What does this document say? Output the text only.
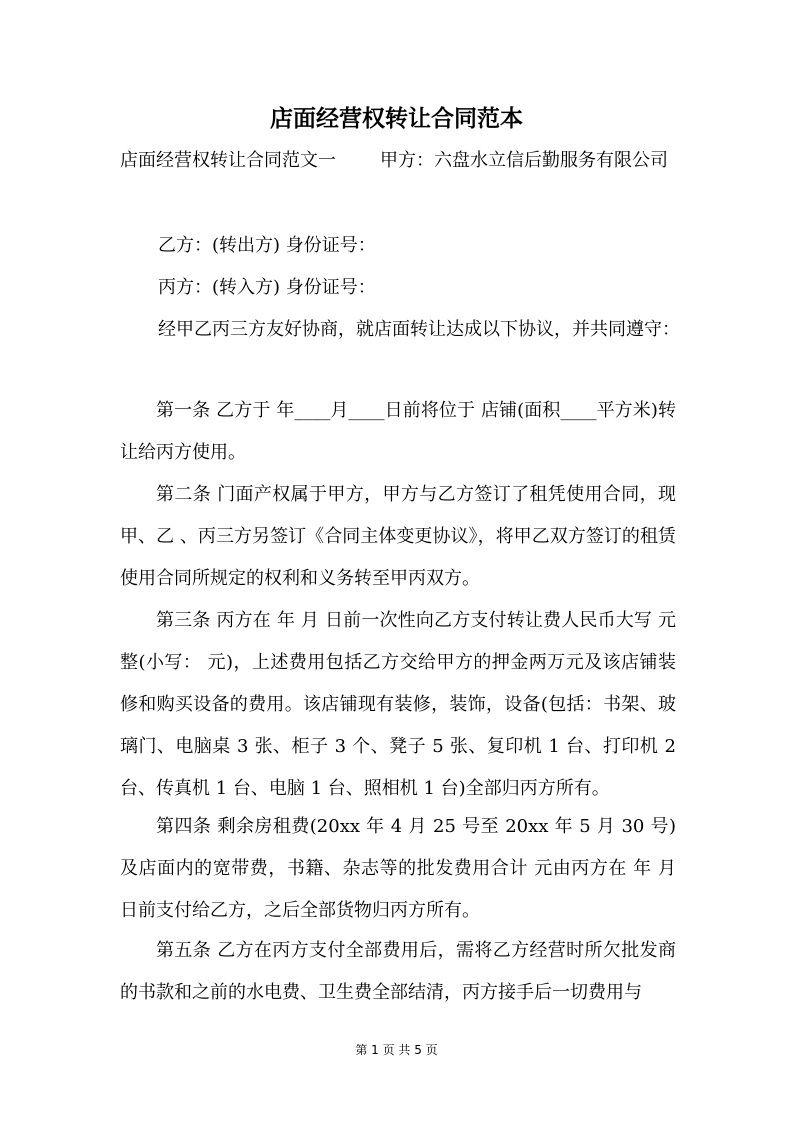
店面经营权转让合同范本
店面经营权转让合同范文一 甲方：六盘水立信后勤服务有限公司
乙方：(转出方) 身份证号：
丙方：(转入方) 身份证号：
经甲乙丙三方友好协商，就店面转让达成以下协议，并共同遵守：
第一条 乙方于 年____月____日前将位于 店铺(面积____平方米)转让给丙方使用。
第二条 门面产权属于甲方，甲方与乙方签订了租凭使用合同，现甲、乙 、丙三方另签订《合同主体变更协议》，将甲乙双方签订的租赁使用合同所规定的权利和义务转至甲丙双方。
第三条 丙方在 年 月 日前一次性向乙方支付转让费人民币大写 元整(小写： 元)，上述费用包括乙方交给甲方的押金两万元及该店铺装修和购买设备的费用。该店铺现有装修，装饰，设备(包括：书架、玻璃门、电脑桌 3 张、柜子 3 个、凳子 5 张、复印机 1 台、打印机 2 台、传真机 1 台、电脑 1 台、照相机 1 台)全部归丙方所有。
第四条 剩余房租费(20xx 年 4 月 25 号至 20xx 年 5 月 30 号)及店面内的宽带费，书籍、杂志等的批发费用合计 元由丙方在 年 月 日前支付给乙方，之后全部货物归丙方所有。
第五条 乙方在丙方支付全部费用后，需将乙方经营时所欠批发商的书款和之前的水电费、卫生费全部结清，丙方接手后一切费用与
第 1 页 共 5 页
